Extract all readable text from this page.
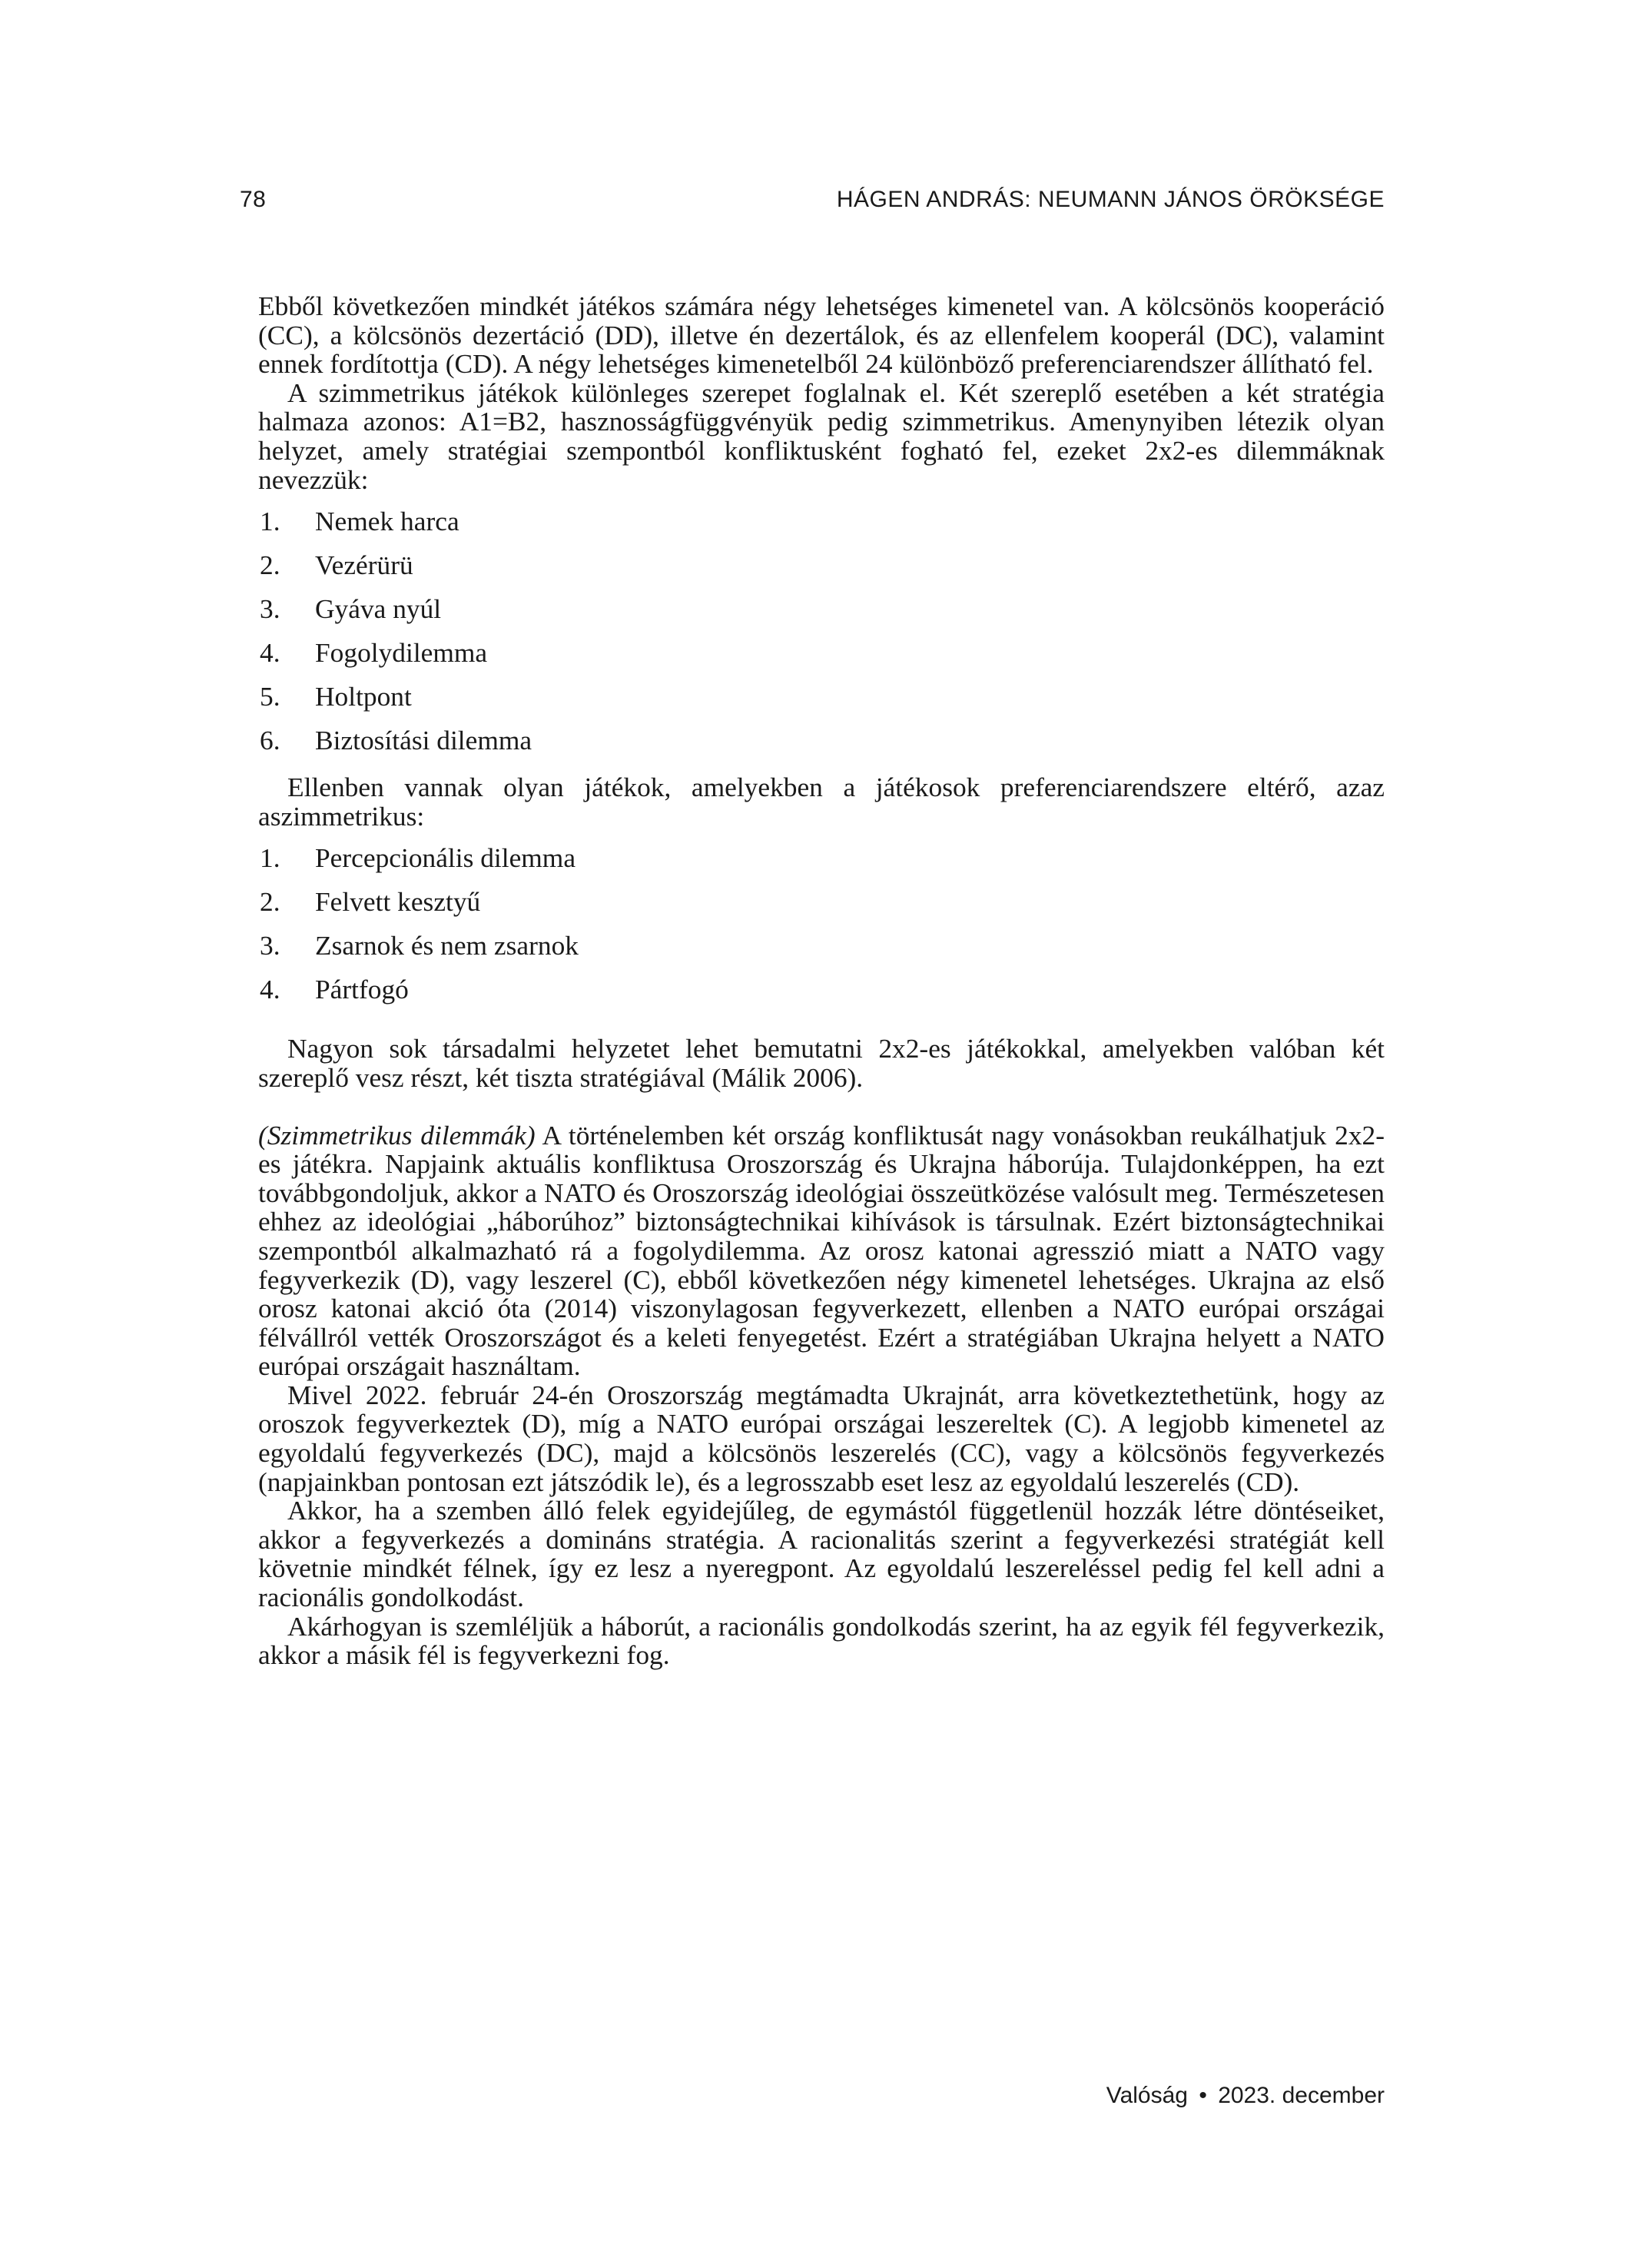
78	HÁGEN ANDRÁS: NEUMANN JÁNOS ÖRÖKSÉGE

Ebből következően mindkét játékos számára négy lehetséges kimenetel van. A kölcsönös kooperáció (CC), a kölcsönös dezertáció (DD), illetve én dezertálok, és az ellenfelem kooperál (DC), valamint ennek fordítottja (CD). A négy lehetséges kimenetelből 24 különböző preferenciarendszer állítható fel.

A szimmetrikus játékok különleges szerepet foglalnak el. Két szereplő esetében a két stratégia halmaza azonos: A1=B2, hasznosságfüggvényük pedig szimmetrikus. Amenynyiben létezik olyan helyzet, amely stratégiai szempontból konfliktusként fogható fel, ezeket 2x2-es dilemmáknak nevezzük:

1. Nemek harca
2. Vezérürü
3. Gyáva nyúl
4. Fogolydilemma
5. Holtpont
6. Biztosítási dilemma

Ellenben vannak olyan játékok, amelyekben a játékosok preferenciarendszere eltérő, azaz aszimmetrikus:

1. Percepcionális dilemma
2. Felvett kesztyű
3. Zsarnok és nem zsarnok
4. Pártfogó

Nagyon sok társadalmi helyzetet lehet bemutatni 2x2-es játékokkal, amelyekben valóban két szereplő vesz részt, két tiszta stratégiával (Málik 2006).

(Szimmetrikus dilemmák) A történelemben két ország konfliktusát nagy vonásokban reukálhatjuk 2x2-es játékra. Napjaink aktuális konfliktusa Oroszország és Ukrajna háborúja. Tulajdonképpen, ha ezt továbbgondoljuk, akkor a NATO és Oroszország ideológiai összeütközése valósult meg. Természetesen ehhez az ideológiai „háborúhoz” biztonságtechnikai kihívások is társulnak. Ezért biztonságtechnikai szempontból alkalmazható rá a fogolydilemma. Az orosz katonai agresszió miatt a NATO vagy fegyverkezik (D), vagy leszerel (C), ebből következően négy kimenetel lehetséges. Ukrajna az első orosz katonai akció óta (2014) viszonylagosan fegyverkezett, ellenben a NATO európai országai félvállról vették Oroszországot és a keleti fenyegetést. Ezért a stratégiában Ukrajna helyett a NATO európai országait használtam.

Mivel 2022. február 24-én Oroszország megtámadta Ukrajnát, arra következtethetünk, hogy az oroszok fegyverkeztek (D), míg a NATO európai országai leszereltek (C). A legjobb kimenetel az egyoldalú fegyverkezés (DC), majd a kölcsönös leszerelés (CC), vagy a kölcsönös fegyverkezés (napjainkban pontosan ezt játszódik le), és a legrosszabb eset lesz az egyoldalú leszerelés (CD).

Akkor, ha a szemben álló felek egyidejűleg, de egymástól függetlenül hozzák létre döntéseiket, akkor a fegyverkezés a domináns stratégia. A racionalitás szerint a fegyverkezési stratégiát kell követnie mindkét félnek, így ez lesz a nyeregpont. Az egyoldalú leszereléssel pedig fel kell adni a racionális gondolkodást.

Akárhogyan is szemléljük a háborút, a racionális gondolkodás szerint, ha az egyik fél fegyverkezik, akkor a másik fél is fegyverkezni fog.

Valóság • 2023. december
